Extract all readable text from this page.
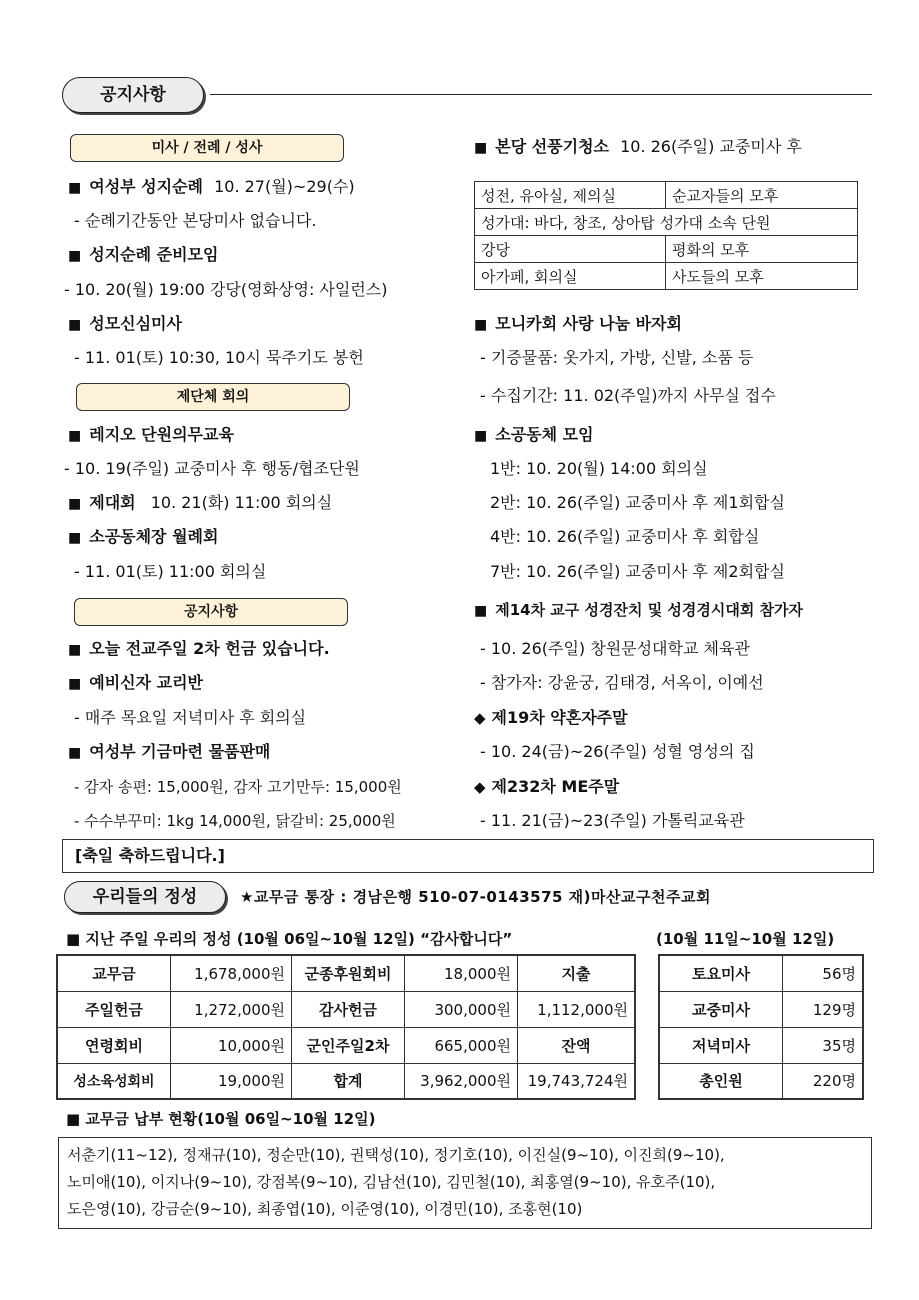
공지사항
미사 / 전례 / 성사
■ 여성부 성지순례 10. 27(월)~29(수)
- 순례기간동안 본당미사 없습니다.
■ 성지순례 준비모임
- 10. 20(월) 19:00 강당(영화상영: 사일런스)
■ 성모신심미사
- 11. 01(토) 10:30, 10시 묵주기도 봉헌
제단체 회의
■ 레지오 단원의무교육
- 10. 19(주일) 교중미사 후 행동/협조단원
■ 제대회 10. 21(화) 11:00 회의실
■ 소공동체장 월례회
- 11. 01(토) 11:00 회의실
공지사항
■ 오늘 전교주일 2차 헌금 있습니다.
■ 예비신자 교리반
- 매주 목요일 저녁미사 후 회의실
■ 여성부 기금마련 물품판매
- 감자 송편: 15,000원, 감자 고기만두: 15,000원
- 수수부꾸미: 1kg 14,000원, 닭갈비: 25,000원
■ 본당 선풍기청소 10. 26(주일) 교중미사 후
성전, 유아실, 제의실	순교자들의 모후
성가대: 바다, 창조, 상아탑 성가대 소속 단원	
강당	평화의 모후
아가페, 회의실	사도들의 모후
■ 모니카회 사랑 나눔 바자회
- 기증물품: 옷가지, 가방, 신발, 소품 등
- 수집기간: 11. 02(주일)까지 사무실 접수
■ 소공동체 모임
1반: 10. 20(월) 14:00 회의실
2반: 10. 26(주일) 교중미사 후 제1회합실
4반: 10. 26(주일) 교중미사 후 회합실
7반: 10. 26(주일) 교중미사 후 제2회합실
■ 제14차 교구 성경잔치 및 성경경시대회 참가자
- 10. 26(주일) 창원문성대학교 체육관
- 참가자: 강윤궁, 김태경, 서옥이, 이예선
◆ 제19차 약혼자주말
- 10. 24(금)~26(주일) 성혈 영성의 집
◆ 제232차 ME주말
- 11. 21(금)~23(주일) 가톨릭교육관
[축일 축하드립니다.]
우리들의 정성	★교무금 통장 : 경남은행 510-07-0143575 재)마산교구천주교회
■ 지난 주일 우리의 정성 (10월 06일~10월 12일) “감사합니다”	(10월 11일~10월 12일)
교무금	1,678,000원	군종후원회비	18,000원	지출
주일헌금	1,272,000원	감사헌금	300,000원	1,112,000원
연령회비	10,000원	군인주일2차	665,000원	잔액
성소육성회비	19,000원	합계	3,962,000원	19,743,724원
토요미사	56명
교중미사	129명
저녁미사	35명
총인원	220명
■ 교무금 납부 현황(10월 06일~10월 12일)
서춘기(11~12), 정재규(10), 정순만(10), 권택성(10), 정기호(10), 이진실(9~10), 이진희(9~10),
노미애(10), 이지나(9~10), 강점복(9~10), 김남선(10), 김민철(10), 최홍열(9~10), 유호주(10),
도은영(10), 강금순(9~10), 최종엽(10), 이준영(10), 이경민(10), 조홍현(10)
